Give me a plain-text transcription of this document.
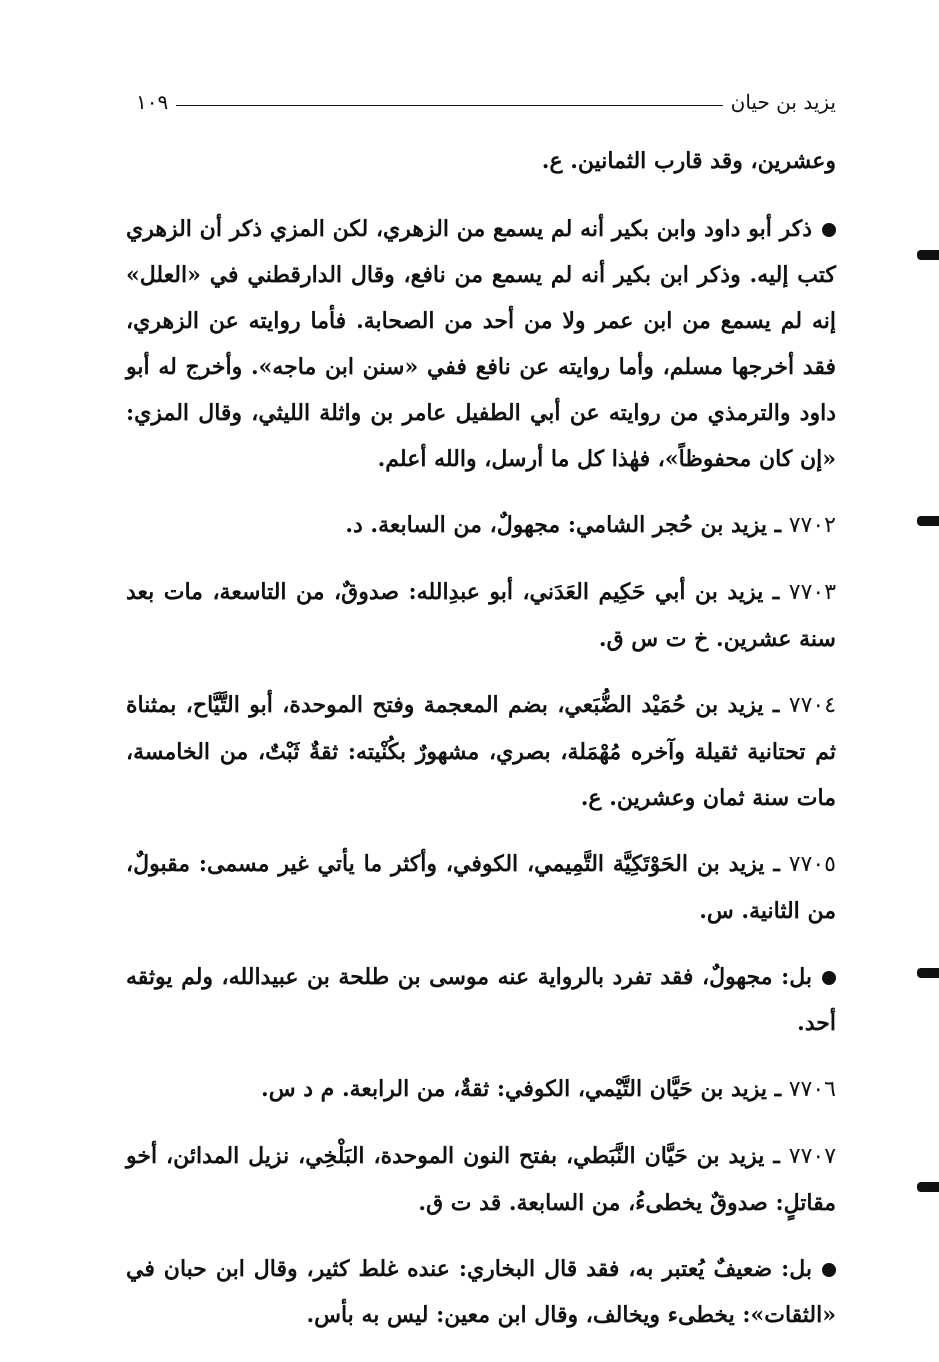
يزيد بن حيان
١٠٩

وعشرين، وقد قارب الثمانين. ع.

ذكر أبو داود وابن بكير أنه لم يسمع من الزهري، لكن المزي ذكر أن الزهري كتب إليه. وذكر ابن بكير أنه لم يسمع من نافع، وقال الدارقطني في «العلل» إنه لم يسمع من ابن عمر ولا من أحد من الصحابة. فأما روايته عن الزهري، فقد أخرجها مسلم، وأما روايته عن نافع ففي «سنن ابن ماجه». وأخرج له أبو داود والترمذي من روايته عن أبي الطفيل عامر بن واثلة الليثي، وقال المزي: «إن كان محفوظاً»، فهٰذا كل ما أرسل، والله أعلم.

٧٧٠٢ ـ يزيد بن حُجر الشامي: مجهولٌ، من السابعة. د.

٧٧٠٣ ـ يزيد بن أبي حَكِيم العَدَني، أبو عبدِالله: صدوقٌ، من التاسعة، مات بعد سنة عشرين. خ ت س ق.

٧٧٠٤ ـ يزيد بن حُمَيْد الضُّبَعي، بضم المعجمة وفتح الموحدة، أبو التَّيَّاح، بمثناة ثم تحتانية ثقيلة وآخره مُهْمَلة، بصري، مشهورٌ بكُنْيته: ثقةٌ ثَبْتٌ، من الخامسة، مات سنة ثمان وعشرين. ع.

٧٧٠٥ ـ يزيد بن الحَوْتَكِيَّة التَّمِيمي، الكوفي، وأكثر ما يأتي غير مسمى: مقبولٌ، من الثانية. س.

بل: مجهولٌ، فقد تفرد بالرواية عنه موسى بن طلحة بن عبيدالله، ولم يوثقه أحد.

٧٧٠٦ ـ يزيد بن حَيَّان التَّيْمي، الكوفي: ثقةٌ، من الرابعة. م د س.

٧٧٠٧ ـ يزيد بن حَيَّان النَّبَطي، بفتح النون الموحدة، البَلْخِي، نزيل المدائن، أخو مقاتلٍ: صدوقٌ يخطىءُ، من السابعة. قد ت ق.

بل: ضعيفٌ يُعتبر به، فقد قال البخاري: عنده غلط كثير، وقال ابن حبان في «الثقات»: يخطىء ويخالف، وقال ابن معين: ليس به بأس.
